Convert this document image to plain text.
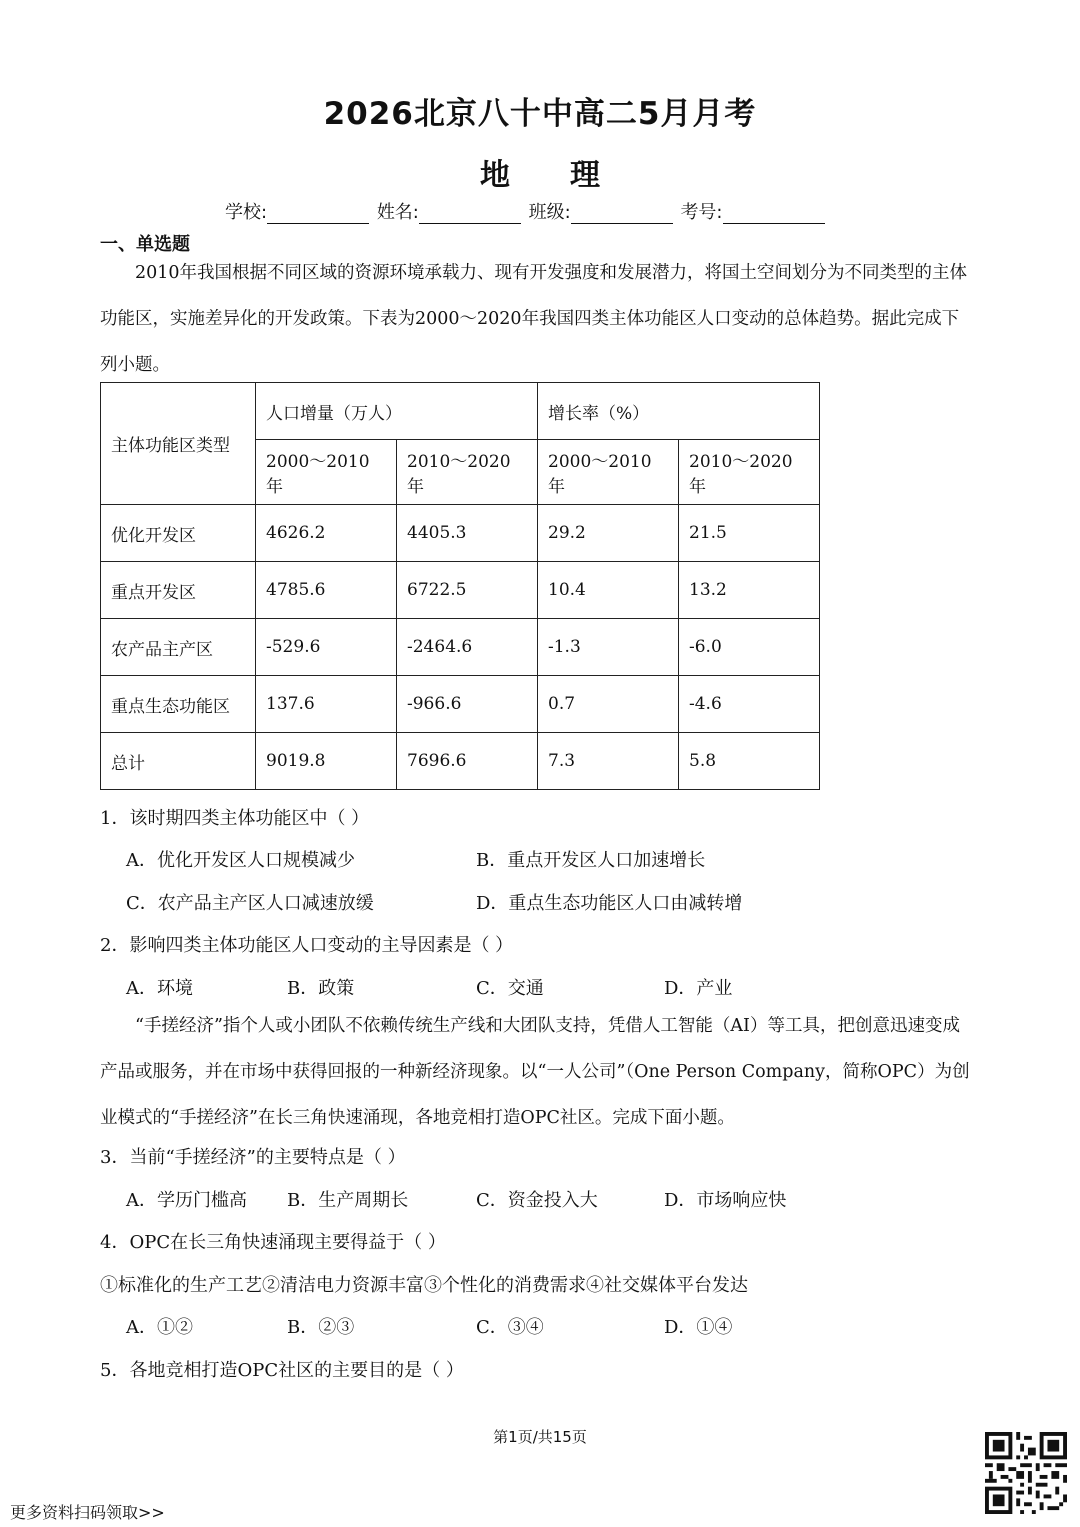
2026北京八十中高二5月月考
地 理
学校:	姓名:	班级:	考号:
一、单选题
2010年我国根据不同区域的资源环境承载力、现有开发强度和发展潜力，将国土空间划分为不同类型的主体功能区，实施差异化的开发政策。下表为2000～2020年我国四类主体功能区人口变动的总体趋势。据此完成下列小题。
主体功能区类型	人口增量（万人）		增长率（%）	
	2000～2010 年	2010～2020 年	2000～2010 年	2010～2020 年
优化开发区	4626.2	4405.3	29.2	21.5
重点开发区	4785.6	6722.5	10.4	13.2
农产品主产区	-529.6	-2464.6	-1.3	-6.0
重点生态功能区	137.6	-966.6	0.7	-4.6
总计	9019.8	7696.6	7.3	5.8
1．该时期四类主体功能区中（ ）
A．优化开发区人口规模减少	B．重点开发区人口加速增长
C．农产品主产区人口减速放缓	D．重点生态功能区人口由减转增
2．影响四类主体功能区人口变动的主导因素是（ ）
A．环境	B．政策	C．交通	D．产业
“手搓经济”指个人或小团队不依赖传统生产线和大团队支持，凭借人工智能（AI）等工具，把创意迅速变成产品或服务，并在市场中获得回报的一种新经济现象。以“一人公司”（One Person Company，简称OPC）为创业模式的“手搓经济”在长三角快速涌现，各地竞相打造OPC社区。完成下面小题。
3．当前“手搓经济”的主要特点是（ ）
A．学历门槛高 B．生产周期长	C．资金投入大	D．市场响应快
4．OPC在长三角快速涌现主要得益于（ ）
①标准化的生产工艺②清洁电力资源丰富③个性化的消费需求④社交媒体平台发达
A．①②	B．②③	C．③④	D．①④
5．各地竞相打造OPC社区的主要目的是（ ）
第1页/共15页
更多资料扫码领取>>
